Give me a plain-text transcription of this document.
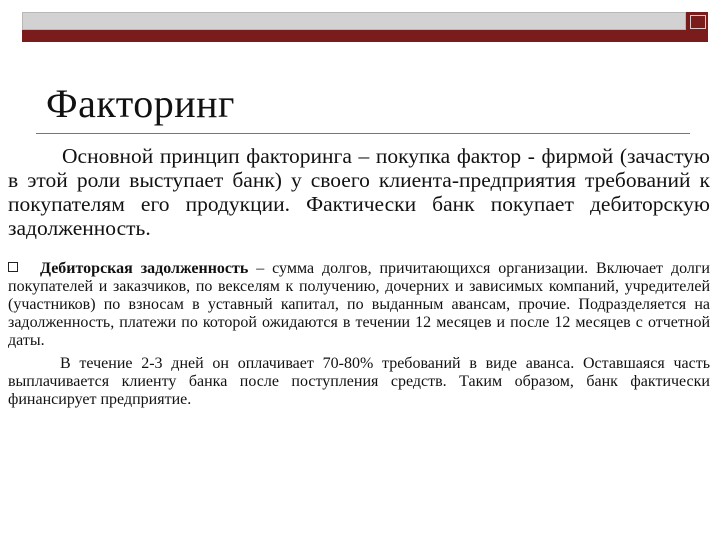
Факторинг

Основной принцип факторинга – покупка фактор - фирмой (зачастую в этой роли выступает банк) у своего клиента-предприятия требований к покупателям его продукции. Фактически банк покупает дебиторскую задолженность.

Дебиторская задолженность – сумма долгов, причитающихся организации. Включает долги покупателей и заказчиков, по векселям к получению, дочерних и зависимых компаний, учредителей (участников) по взносам в уставный капитал, по выданным авансам, прочие. Подразделяется на задолженность, платежи по которой ожидаются в течении 12 месяцев и после 12 месяцев с отчетной даты.

В течение 2-3 дней он оплачивает 70-80% требований в виде аванса. Оставшаяся часть выплачивается клиенту банка после поступления средств. Таким образом, банк фактически финансирует предприятие.
